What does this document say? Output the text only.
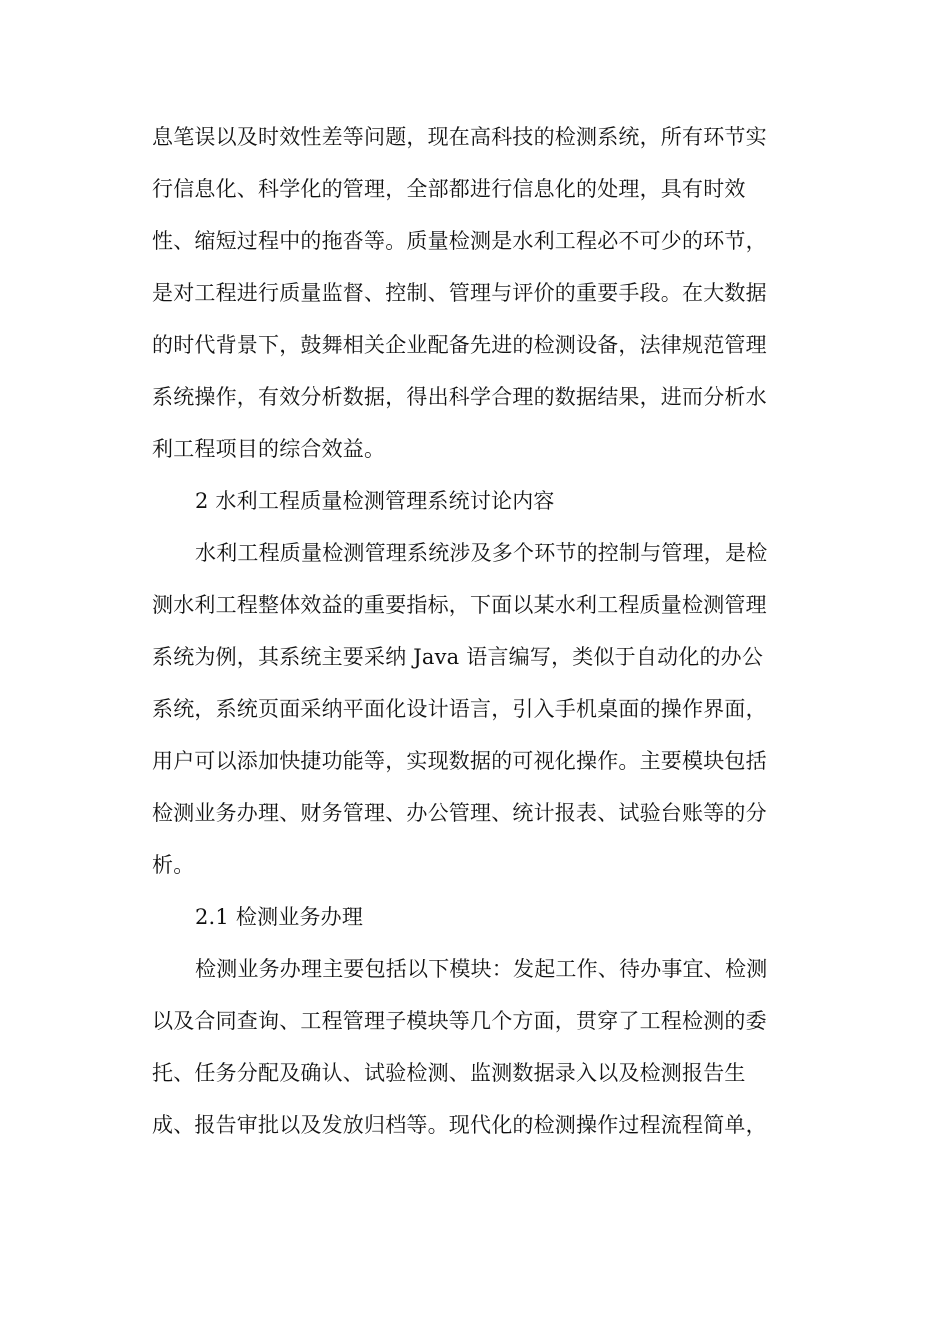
息笔误以及时效性差等问题，现在高科技的检测系统，所有环节实
行信息化、科学化的管理，全部都进行信息化的处理，具有时效
性、缩短过程中的拖沓等。质量检测是水利工程必不可少的环节，
是对工程进行质量监督、控制、管理与评价的重要手段。在大数据
的时代背景下，鼓舞相关企业配备先进的检测设备，法律规范管理
系统操作，有效分析数据，得出科学合理的数据结果，进而分析水
利工程项目的综合效益。
2 水利工程质量检测管理系统讨论内容
水利工程质量检测管理系统涉及多个环节的控制与管理，是检
测水利工程整体效益的重要指标，下面以某水利工程质量检测管理
系统为例，其系统主要采纳 Java 语言编写，类似于自动化的办公
系统，系统页面采纳平面化设计语言，引入手机桌面的操作界面，
用户可以添加快捷功能等，实现数据的可视化操作。主要模块包括
检测业务办理、财务管理、办公管理、统计报表、试验台账等的分
析。
2.1 检测业务办理
检测业务办理主要包括以下模块：发起工作、待办事宜、检测
以及合同查询、工程管理子模块等几个方面，贯穿了工程检测的委
托、任务分配及确认、试验检测、监测数据录入以及检测报告生
成、报告审批以及发放归档等。现代化的检测操作过程流程简单，
